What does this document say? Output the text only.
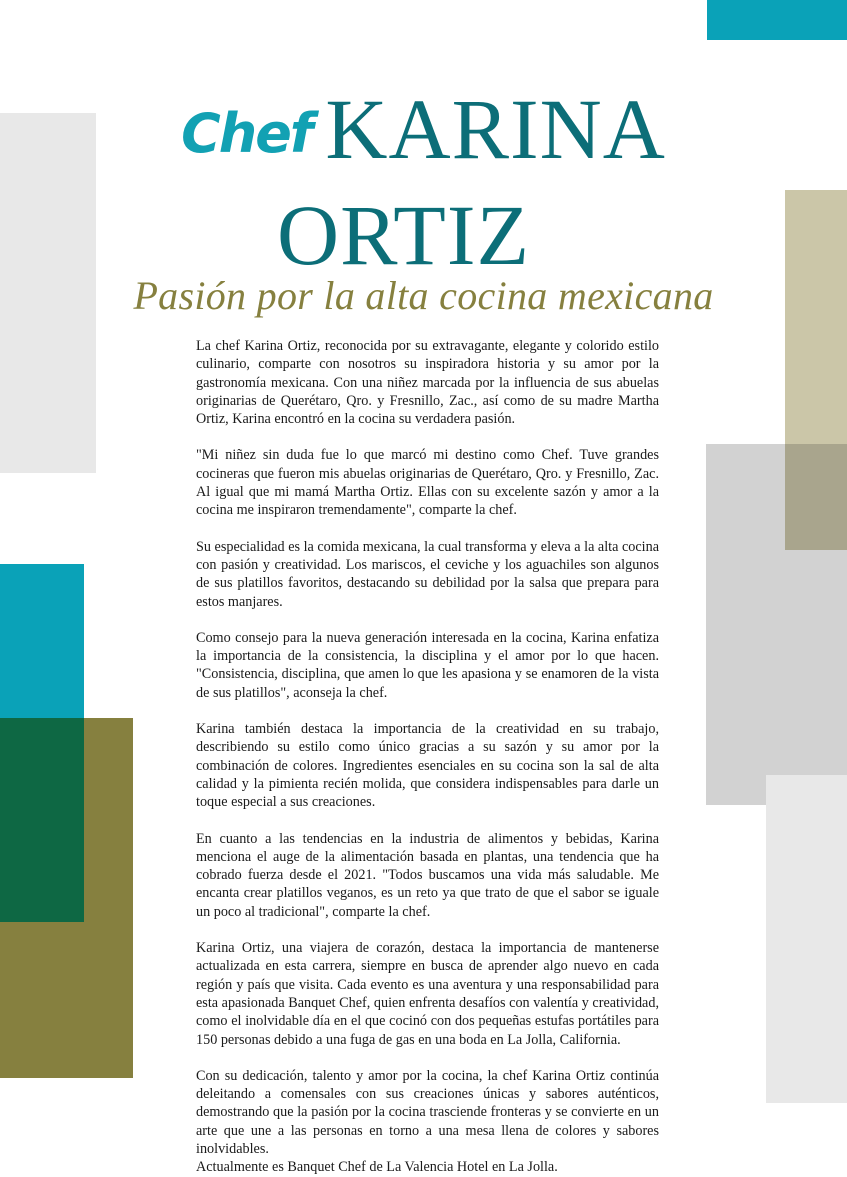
Chef KARINA
ORTIZ
Pasión por la alta cocina mexicana

La chef Karina Ortiz, reconocida por su extravagante, elegante y colorido estilo culinario, comparte con nosotros su inspiradora historia y su amor por la gastronomía mexicana. Con una niñez marcada por la influencia de sus abuelas originarias de Querétaro, Qro. y Fresnillo, Zac., así como de su madre Martha Ortiz, Karina encontró en la cocina su verdadera pasión.

"Mi niñez sin duda fue lo que marcó mi destino como Chef. Tuve grandes cocineras que fueron mis abuelas originarias de Querétaro, Qro. y Fresnillo, Zac. Al igual que mi mamá Martha Ortiz. Ellas con su excelente sazón y amor a la cocina me inspiraron tremendamente", comparte la chef.

Su especialidad es la comida mexicana, la cual transforma y eleva a la alta cocina con pasión y creatividad. Los mariscos, el ceviche y los aguachiles son algunos de sus platillos favoritos, destacando su debilidad por la salsa que prepara para estos manjares.

Como consejo para la nueva generación interesada en la cocina, Karina enfatiza la importancia de la consistencia, la disciplina y el amor por lo que hacen. "Consistencia, disciplina, que amen lo que les apasiona y se enamoren de la vista de sus platillos", aconseja la chef.

Karina también destaca la importancia de la creatividad en su trabajo, describiendo su estilo como único gracias a su sazón y su amor por la combinación de colores. Ingredientes esenciales en su cocina son la sal de alta calidad y la pimienta recién molida, que considera indispensables para darle un toque especial a sus creaciones.

En cuanto a las tendencias en la industria de alimentos y bebidas, Karina menciona el auge de la alimentación basada en plantas, una tendencia que ha cobrado fuerza desde el 2021. "Todos buscamos una vida más saludable. Me encanta crear platillos veganos, es un reto ya que trato de que el sabor se iguale un poco al tradicional", comparte la chef.

Karina Ortiz, una viajera de corazón, destaca la importancia de mantenerse actualizada en esta carrera, siempre en busca de aprender algo nuevo en cada región y país que visita. Cada evento es una aventura y una responsabilidad para esta apasionada Banquet Chef, quien enfrenta desafíos con valentía y creatividad, como el inolvidable día en el que cocinó con dos pequeñas estufas portátiles para 150 personas debido a una fuga de gas en una boda en La Jolla, California.

Con su dedicación, talento y amor por la cocina, la chef Karina Ortiz continúa deleitando a comensales con sus creaciones únicas y sabores auténticos, demostrando que la pasión por la cocina trasciende fronteras y se convierte en un arte que une a las personas en torno a una mesa llena de colores y sabores inolvidables.
Actualmente es Banquet Chef de La Valencia Hotel en La Jolla.
